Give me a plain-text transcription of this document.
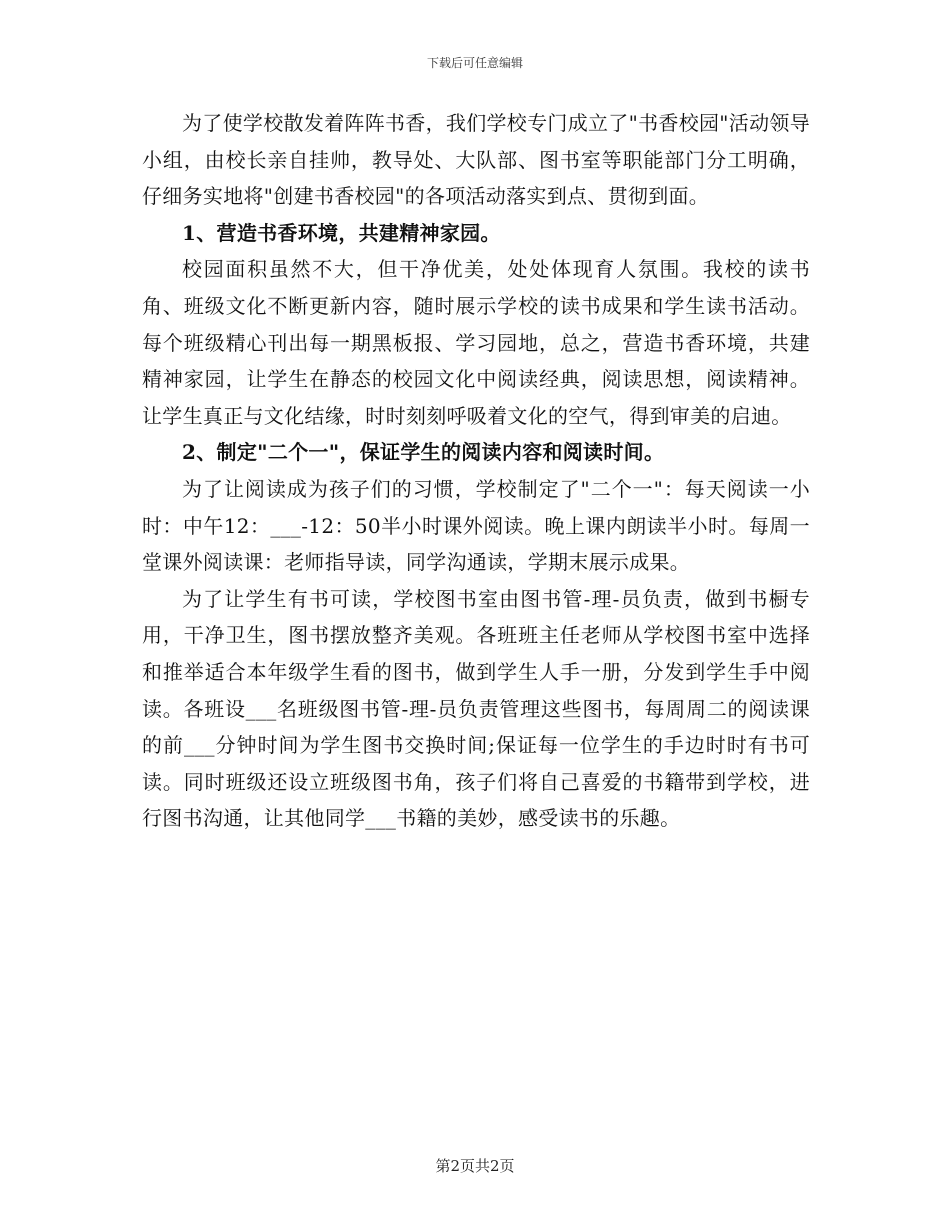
下载后可任意编辑

为了使学校散发着阵阵书香，我们学校专门成立了"书香校园"活动领导小组，由校长亲自挂帅，教导处、大队部、图书室等职能部门分工明确，仔细务实地将"创建书香校园"的各项活动落实到点、贯彻到面。

1、营造书香环境，共建精神家园。

校园面积虽然不大，但干净优美，处处体现育人氛围。我校的读书角、班级文化不断更新内容，随时展示学校的读书成果和学生读书活动。每个班级精心刊出每一期黑板报、学习园地，总之，营造书香环境，共建精神家园，让学生在静态的校园文化中阅读经典，阅读思想，阅读精神。让学生真正与文化结缘，时时刻刻呼吸着文化的空气，得到审美的启迪。

2、制定"二个一"，保证学生的阅读内容和阅读时间。

为了让阅读成为孩子们的习惯，学校制定了"二个一"：每天阅读一小时：中午12：___-12：50半小时课外阅读。晚上课内朗读半小时。每周一堂课外阅读课：老师指导读，同学沟通读，学期末展示成果。

为了让学生有书可读，学校图书室由图书管-理-员负责，做到书橱专用，干净卫生，图书摆放整齐美观。各班班主任老师从学校图书室中选择和推举适合本年级学生看的图书，做到学生人手一册，分发到学生手中阅读。各班设___名班级图书管-理-员负责管理这些图书，每周周二的阅读课的前___分钟时间为学生图书交换时间;保证每一位学生的手边时时有书可读。同时班级还设立班级图书角，孩子们将自己喜爱的书籍带到学校，进行图书沟通，让其他同学___书籍的美妙，感受读书的乐趣。

第2页共2页
